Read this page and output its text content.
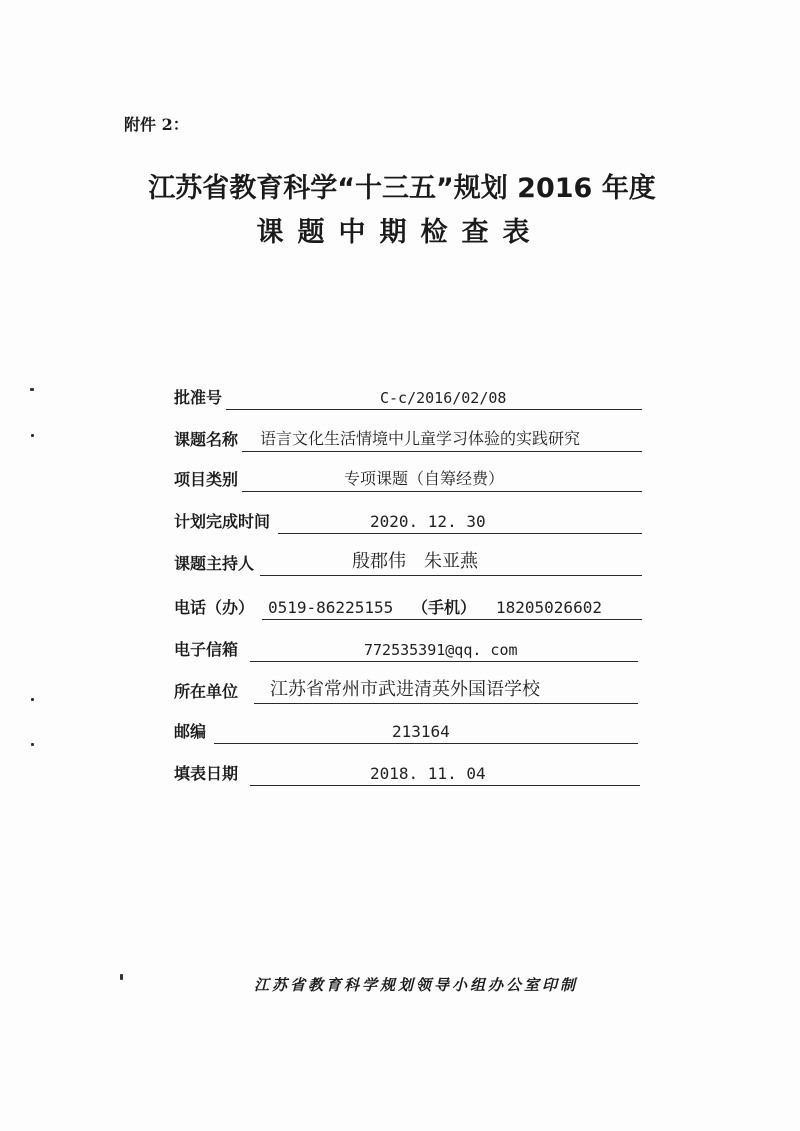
附件 2：
江苏省教育科学“十三五”规划 2016 年度
课题中期检查表
批准号	C-c/2016/02/08
课题名称 语言文化生活情境中儿童学习体验的实践研究
项目类别	专项课题（自筹经费）
计划完成时间	2020. 12. 30
课题主持人	殷郡伟　朱亚燕
电话（办） 0519-86225155 （手机） 18205026602
电子信箱	772535391@qq. com
所在单位 江苏省常州市武进清英外国语学校
邮编	213164
填表日期	2018. 11. 04
江苏省教育科学规划领导小组办公室印制
